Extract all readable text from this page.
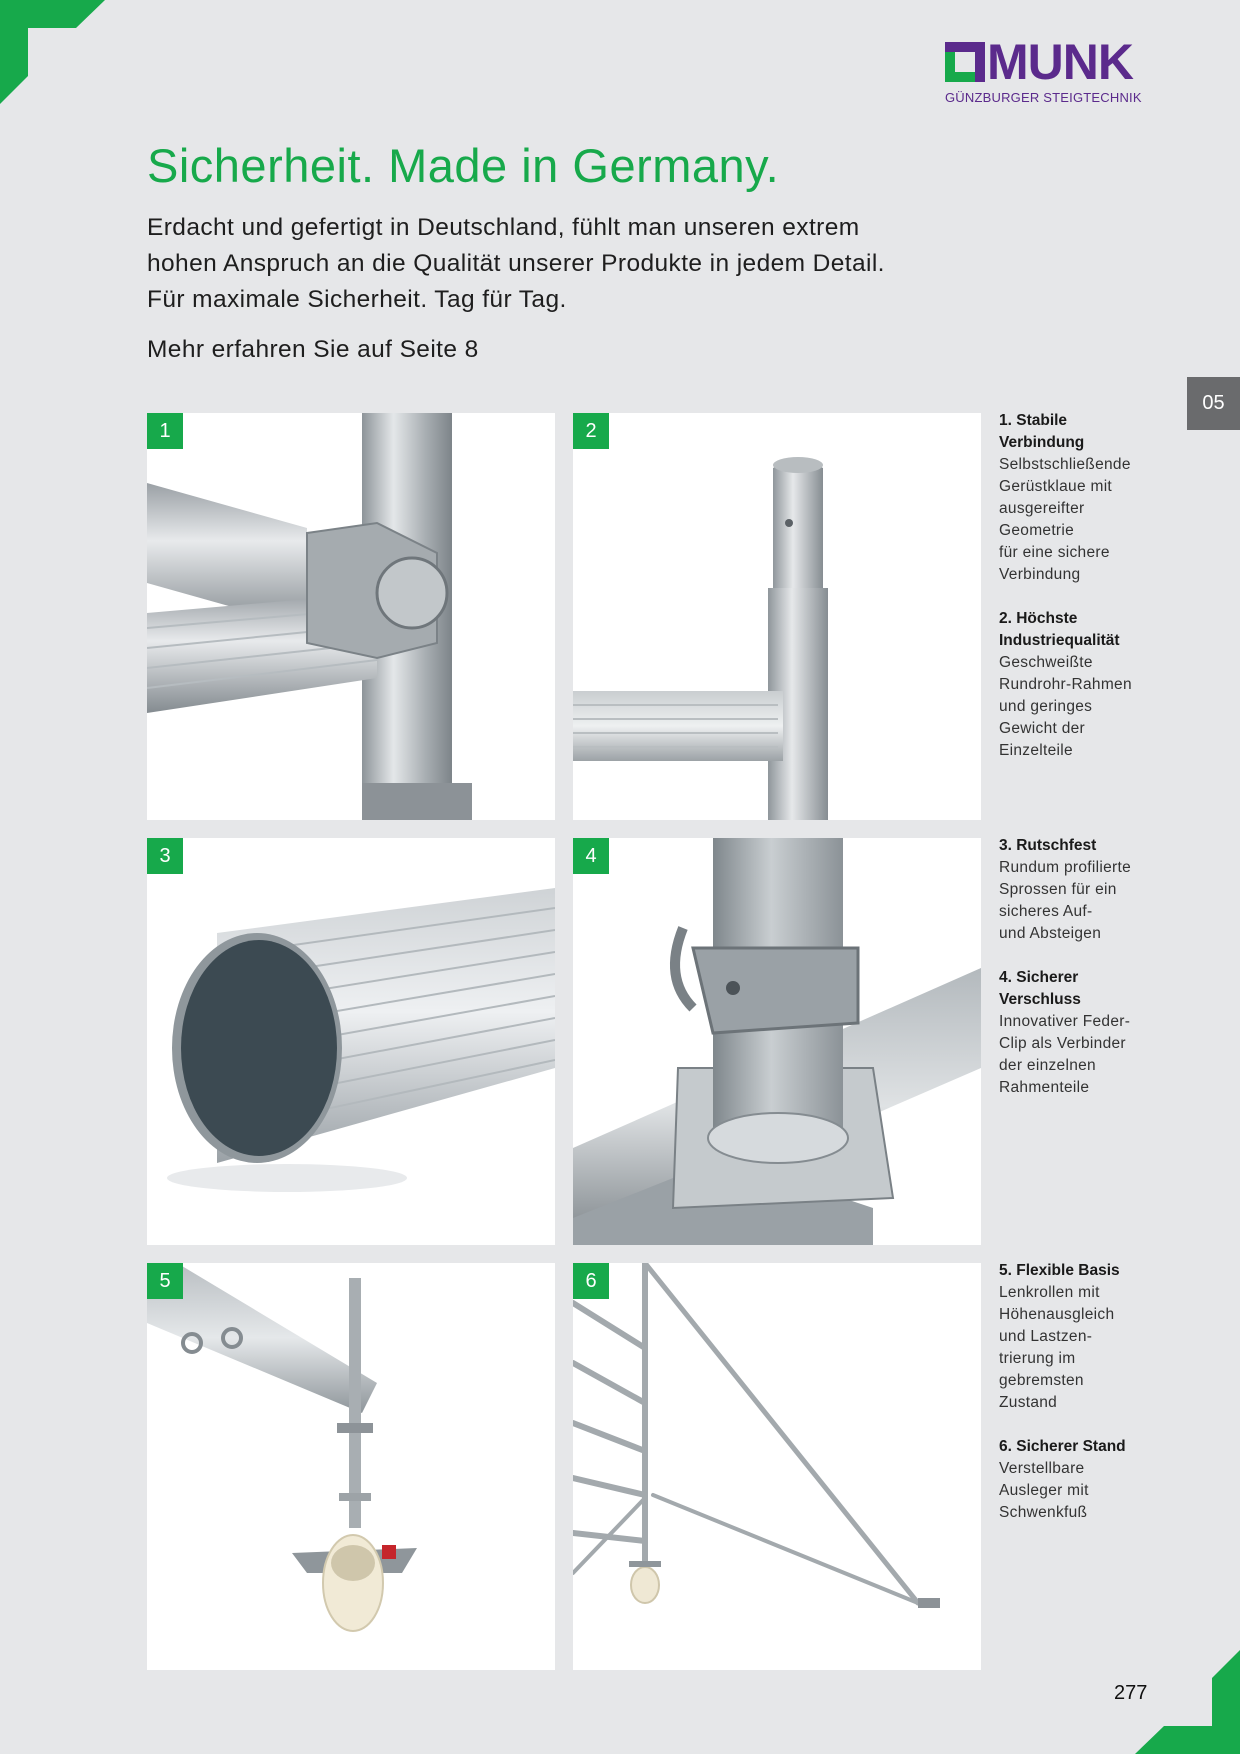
MUNK
GÜNZBURGER STEIGTECHNIK
Sicherheit. Made in Germany.

Erdacht und gefertigt in Deutschland, fühlt man unseren extrem hohen Anspruch an die Qualität unserer Produkte in jedem Detail. Für maximale Sicherheit. Tag für Tag.

Mehr erfahren Sie auf Seite 8

05
1	2
3	4
5	6
1. Stabile
Verbindung
Selbstschließende
Gerüstklaue mit
ausgereifter
Geometrie
für eine sichere
Verbindung
2. Höchste
Industriequalität
Geschweißte
Rundrohr-Rahmen
und geringes
Gewicht der
Einzelteile
3. Rutschfest
Rundum profilierte
Sprossen für ein
sicheres Auf-
und Absteigen
4. Sicherer
Verschluss
Innovativer Feder-
Clip als Verbinder
der einzelnen
Rahmenteile
5. Flexible Basis
Lenkrollen mit
Höhenausgleich
und Lastzen-
trierung im
gebremsten
Zustand
6. Sicherer Stand
Verstellbare
Ausleger mit
Schwenkfuß
277
